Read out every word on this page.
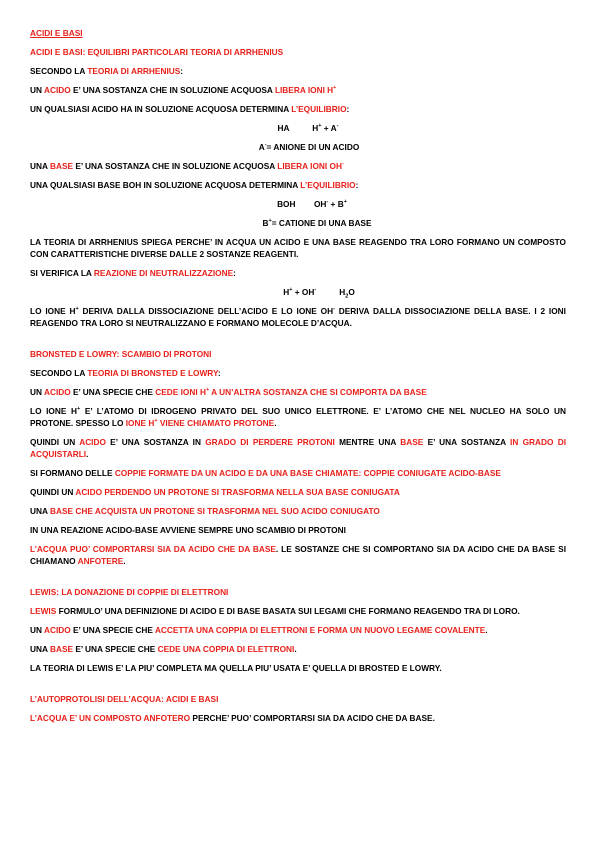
ACIDI E BASI
ACIDI E BASI: EQUILIBRI PARTICOLARI TEORIA DI ARRHENIUS
SECONDO LA TEORIA DI ARRHENIUS:
UN ACIDO E’ UNA SOSTANZA CHE IN SOLUZIONE ACQUOSA LIBERA IONI H+
UN QUALSIASI ACIDO HA IN SOLUZIONE ACQUOSA DETERMINA L’EQUILIBRIO:
HA	H+ + A-
A-= ANIONE DI UN ACIDO
UNA BASE E’ UNA SOSTANZA CHE IN SOLUZIONE ACQUOSA LIBERA IONI OH-
UNA QUALSIASI BASE BOH IN SOLUZIONE ACQUOSA DETERMINA L’EQUILIBRIO:
BOH OH- + B+
B+= CATIONE DI UNA BASE
LA TEORIA DI ARRHENIUS SPIEGA PERCHE’ IN ACQUA UN ACIDO E UNA BASE REAGENDO TRA LORO FORMANO UN COMPOSTO CON CARATTERISTICHE DIVERSE DALLE 2 SOSTANZE REAGENTI.
SI VERIFICA LA REAZIONE DI NEUTRALIZZAZIONE:
H+ + OH-	$H_2O$
LO IONE H+ DERIVA DALLA DISSOCIAZIONE DELL’ACIDO E LO IONE OH- DERIVA DALLA DISSOCIAZIONE DELLA BASE. I 2 IONI REAGENDO TRA LORO SI NEUTRALIZZANO E FORMANO MOLECOLE D’ACQUA.
BRONSTED E LOWRY: SCAMBIO DI PROTONI
SECONDO LA TEORIA DI BRONSTED E LOWRY:
UN ACIDO E’ UNA SPECIE CHE CEDE IONI H+ A UN’ALTRA SOSTANZA CHE SI COMPORTA DA BASE
LO IONE H+ E’ L’ATOMO DI IDROGENO PRIVATO DEL SUO UNICO ELETTRONE. E’ L’ATOMO CHE NEL NUCLEO HA SOLO UN PROTONE. SPESSO LO IONE H+ VIENE CHIAMATO PROTONE.
QUINDI UN ACIDO E’ UNA SOSTANZA IN GRADO DI PERDERE PROTONI MENTRE UNA BASE E’ UNA SOSTANZA IN GRADO DI ACQUISTARLI.
SI FORMANO DELLE COPPIE FORMATE DA UN ACIDO E DA UNA BASE CHIAMATE: COPPIE CONIUGATE ACIDO-BASE
QUINDI UN ACIDO PERDENDO UN PROTONE SI TRASFORMA NELLA SUA BASE CONIUGATA
UNA BASE CHE ACQUISTA UN PROTONE SI TRASFORMA NEL SUO ACIDO CONIUGATO
IN UNA REAZIONE ACIDO-BASE AVVIENE SEMPRE UNO SCAMBIO DI PROTONI
L’ACQUA PUO’ COMPORTARSI SIA DA ACIDO CHE DA BASE. LE SOSTANZE CHE SI COMPORTANO SIA DA ACIDO CHE DA BASE SI CHIAMANO ANFOTERE.
LEWIS: LA DONAZIONE DI COPPIE DI ELETTRONI
LEWIS FORMULO’ UNA DEFINIZIONE DI ACIDO E DI BASE BASATA SUI LEGAMI CHE FORMANO REAGENDO TRA DI LORO.
UN ACIDO E’ UNA SPECIE CHE ACCETTA UNA COPPIA DI ELETTRONI E FORMA UN NUOVO LEGAME COVALENTE.
UNA BASE E’ UNA SPECIE CHE CEDE UNA COPPIA DI ELETTRONI.
LA TEORIA DI LEWIS E’ LA PIU’ COMPLETA MA QUELLA PIU’ USATA E’ QUELLA DI BROSTED E LOWRY.
L’AUTOPROTOLISI DELL’ACQUA: ACIDI E BASI
L’ACQUA E’ UN COMPOSTO ANFOTERO PERCHE’ PUO’ COMPORTARSI SIA DA ACIDO CHE DA BASE.
